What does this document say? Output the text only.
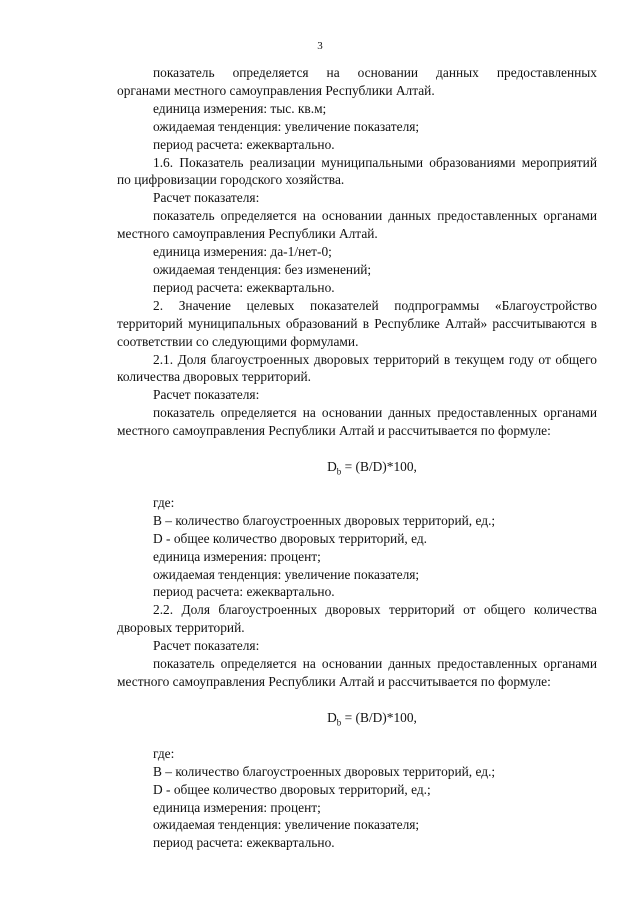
3

показатель определяется на основании данных предоставленных

органами местного самоуправления Республики Алтай.

единица измерения: тыс. кв.м;

ожидаемая тенденция: увеличение показателя;

период расчета: ежеквартально.

1.6. Показатель реализации муниципальными образованиями мероприятий по цифровизации городского хозяйства.

Расчет показателя:

показатель определяется на основании данных предоставленных органами местного самоуправления Республики Алтай.

единица измерения: да-1/нет-0;

ожидаемая тенденция: без изменений;

период расчета: ежеквартально.

2. Значение целевых показателей подпрограммы «Благоустройство территорий муниципальных образований в Республике Алтай» рассчитываются в соответствии со следующими формулами.

2.1. Доля благоустроенных дворовых территорий в текущем году от общего количества дворовых территорий.

Расчет показателя:

показатель определяется на основании данных предоставленных органами местного самоуправления Республики Алтай и рассчитывается по формуле:

$D_b = (B/D)*100$,

где:

B – количество благоустроенных дворовых территорий, ед.;

D - общее количество дворовых территорий, ед.

единица измерения: процент;

ожидаемая тенденция: увеличение показателя;

период расчета: ежеквартально.

2.2. Доля благоустроенных дворовых территорий от общего количества дворовых территорий.

Расчет показателя:

показатель определяется на основании данных предоставленных органами местного самоуправления Республики Алтай и рассчитывается по формуле:

$D_b = (B/D)*100$,

где:

B – количество благоустроенных дворовых территорий, ед.;

D - общее количество дворовых территорий, ед.;

единица измерения: процент;

ожидаемая тенденция: увеличение показателя;

период расчета: ежеквартально.
